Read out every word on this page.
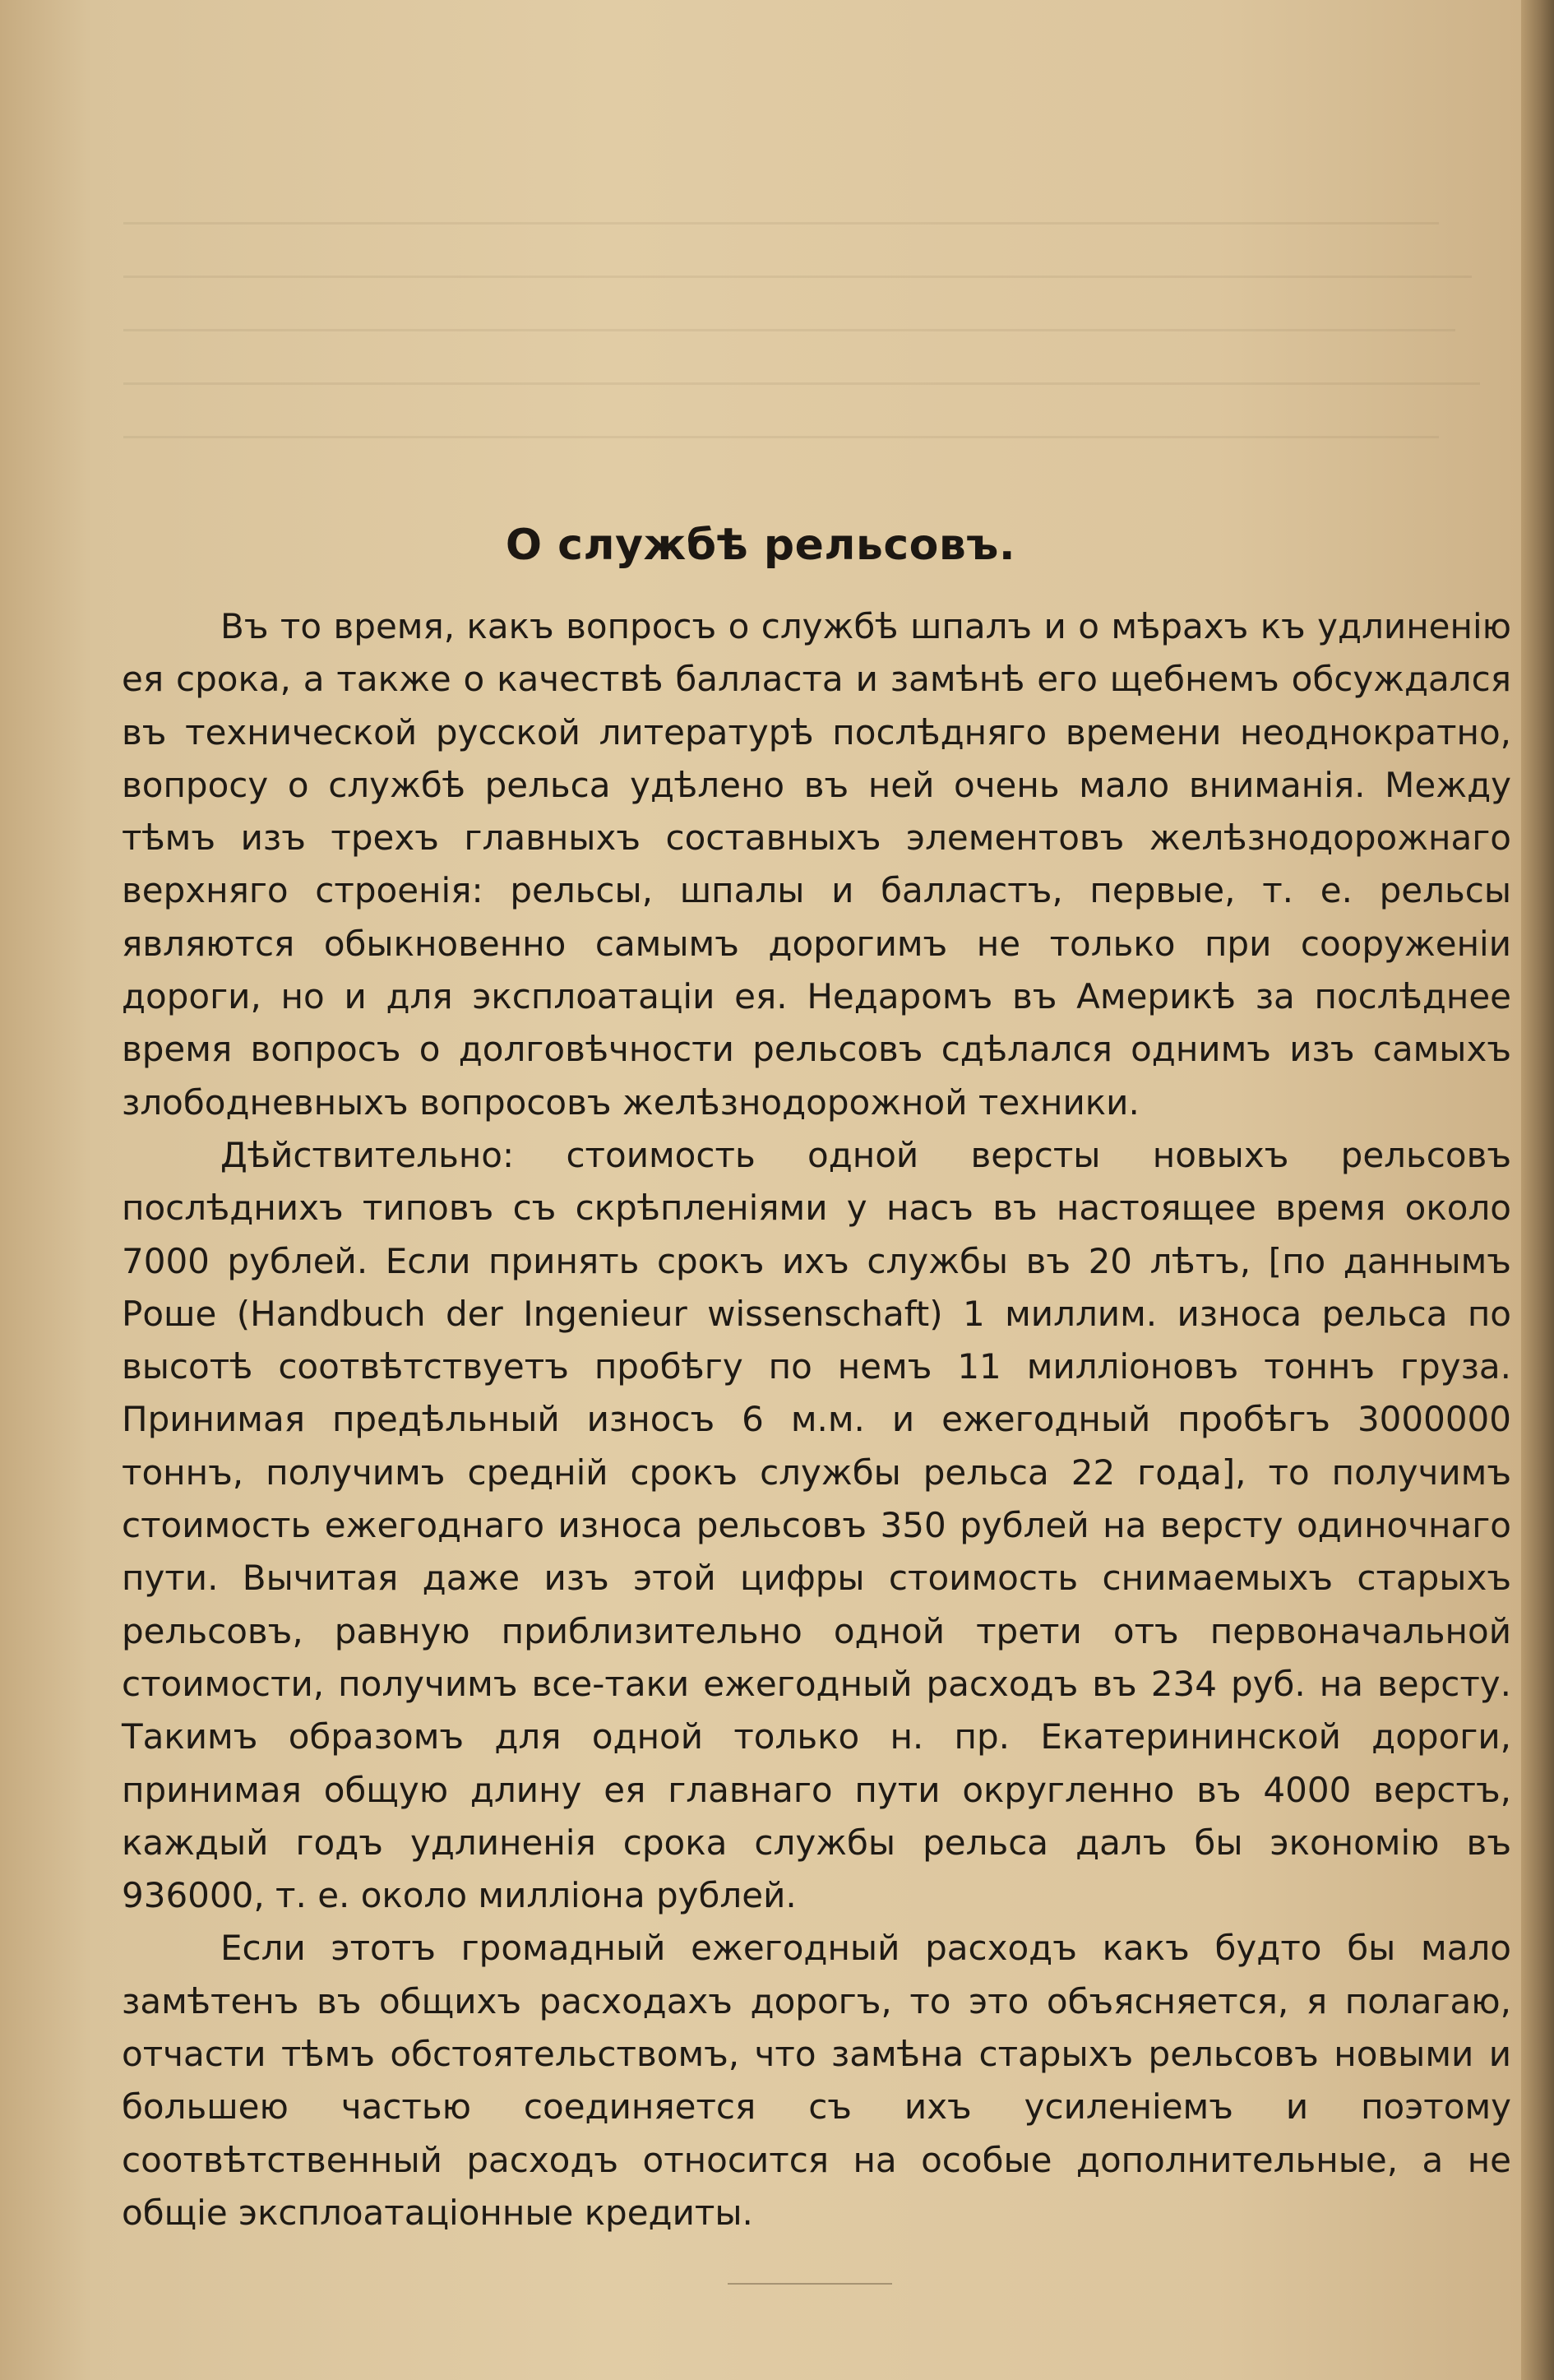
О службѣ рельсовъ.

Въ то время, какъ вопросъ о службѣ шпалъ и о мѣрахъ къ удлиненію ея срока, а также о качествѣ балласта и замѣнѣ его щебнемъ обсуждался въ технической русской литературѣ послѣдняго времени неоднократно, вопросу о службѣ рельса удѣлено въ ней очень мало вниманія. Между тѣмъ изъ трехъ главныхъ составныхъ элементовъ желѣзнодорожнаго верхняго строенія: рельсы, шпалы и балластъ, первые, т. е. рельсы являются обыкновенно самымъ дорогимъ не только при сооруженіи дороги, но и для эксплоатаціи ея. Недаромъ въ Америкѣ за послѣднее время вопросъ о долговѣчности рельсовъ сдѣлался однимъ изъ самыхъ злободневныхъ вопросовъ желѣзнодорожной техники.

Дѣйствительно: стоимость одной версты новыхъ рельсовъ послѣднихъ типовъ съ скрѣпленіями у насъ въ настоящее время около 7000 рублей. Если принять срокъ ихъ службы въ 20 лѣтъ, [по даннымъ Роше (Handbuch der Ingenieur wissenschaft) 1 миллим. износа рельса по высотѣ соотвѣтствуетъ пробѣгу по немъ 11 милліоновъ тоннъ груза. Принимая предѣльный износъ 6 м.м. и ежегодный пробѣгъ 3000000 тоннъ, получимъ среднiй срокъ службы рельса 22 года], то получимъ стоимость ежегоднаго износа рельсовъ 350 рублей на версту одиночнаго пути. Вычитая даже изъ этой цифры стоимость снимаемыхъ старыхъ рельсовъ, равную приблизительно одной трети отъ первоначальной стоимости, получимъ все-таки ежегодный расходъ въ 234 руб. на версту. Такимъ образомъ для одной только н. пр. Екатерининской дороги, принимая общую длину ея главнаго пути округленно въ 4000 верстъ, каждый годъ удлиненія срока службы рельса далъ бы экономію въ 936000, т. е. около милліона рублей.

Если этотъ громадный ежегодный расходъ какъ будто бы мало замѣтенъ въ общихъ расходахъ дорогъ, то это объясняется, я полагаю, отчасти тѣмъ обстоятельствомъ, что замѣна старыхъ рельсовъ новыми и большею частью соединяется съ ихъ усиленіемъ и поэтому соотвѣтственный расходъ относится на особые дополнительные, а не общіе эксплоатаціонные кредиты.
